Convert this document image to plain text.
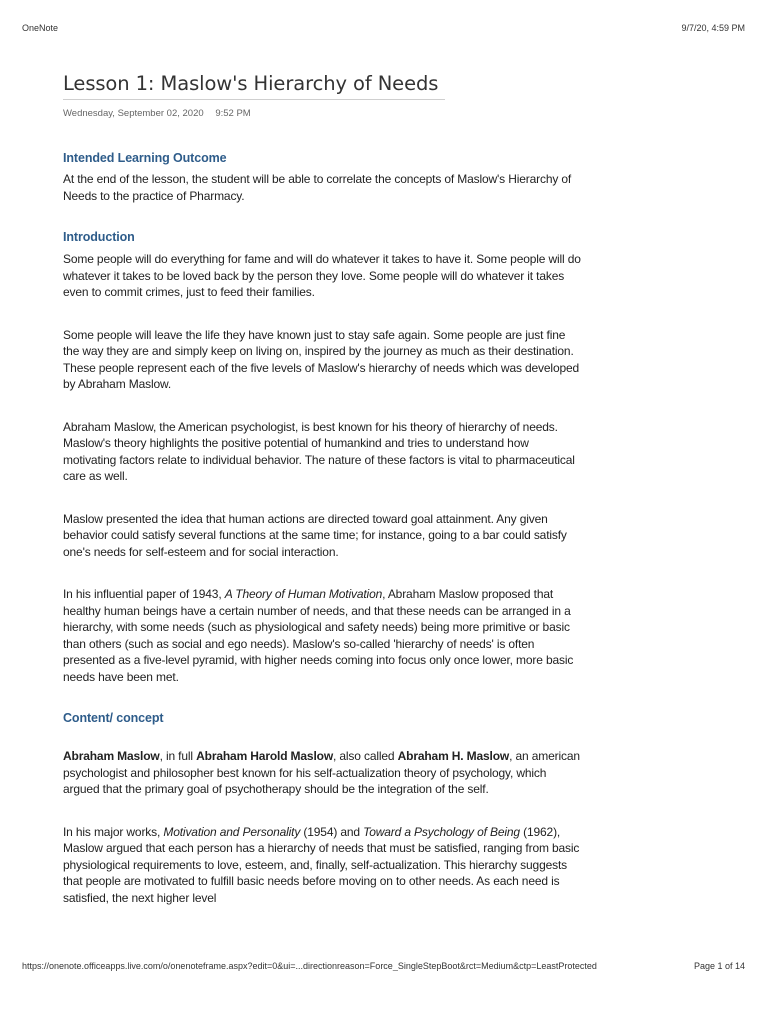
OneNote	9/7/20, 4:59 PM
Lesson 1: Maslow's Hierarchy of Needs
Wednesday, September 02, 2020 9:52 PM
Intended Learning Outcome

At the end of the lesson, the student will be able to correlate the concepts of Maslow's Hierarchy of Needs to the practice of Pharmacy.

Introduction

Some people will do everything for fame and will do whatever it takes to have it. Some people will do whatever it takes to be loved back by the person they love. Some people will do whatever it takes even to commit crimes, just to feed their families.

Some people will leave the life they have known just to stay safe again. Some people are just fine the way they are and simply keep on living on, inspired by the journey as much as their destination. These people represent each of the five levels of Maslow's hierarchy of needs which was developed by Abraham Maslow.

Abraham Maslow, the American psychologist, is best known for his theory of hierarchy of needs. Maslow's theory highlights the positive potential of humankind and tries to understand how motivating factors relate to individual behavior. The nature of these factors is vital to pharmaceutical care as well.

Maslow presented the idea that human actions are directed toward goal attainment. Any given behavior could satisfy several functions at the same time; for instance, going to a bar could satisfy one's needs for self-esteem and for social interaction.

In his influential paper of 1943, A Theory of Human Motivation, Abraham Maslow proposed that healthy human beings have a certain number of needs, and that these needs can be arranged in a hierarchy, with some needs (such as physiological and safety needs) being more primitive or basic than others (such as social and ego needs). Maslow's so-called 'hierarchy of needs' is often presented as a five-level pyramid, with higher needs coming into focus only once lower, more basic needs have been met.

Content/ concept

Abraham Maslow, in full Abraham Harold Maslow, also called Abraham H. Maslow, an american psychologist and philosopher best known for his self-actualization theory of psychology, which argued that the primary goal of psychotherapy should be the integration of the self.

In his major works, Motivation and Personality (1954) and Toward a Psychology of Being (1962), Maslow argued that each person has a hierarchy of needs that must be satisfied, ranging from basic physiological requirements to love, esteem, and, finally, self-actualization. This hierarchy suggests that people are motivated to fulfill basic needs before moving on to other needs. As each need is satisfied, the next higher level

https://onenote.officeapps.live.com/o/onenoteframe.aspx?edit=0&ui=...directionreason=Force_SingleStepBoot&rct=Medium&ctp=LeastProtected	Page 1 of 14
